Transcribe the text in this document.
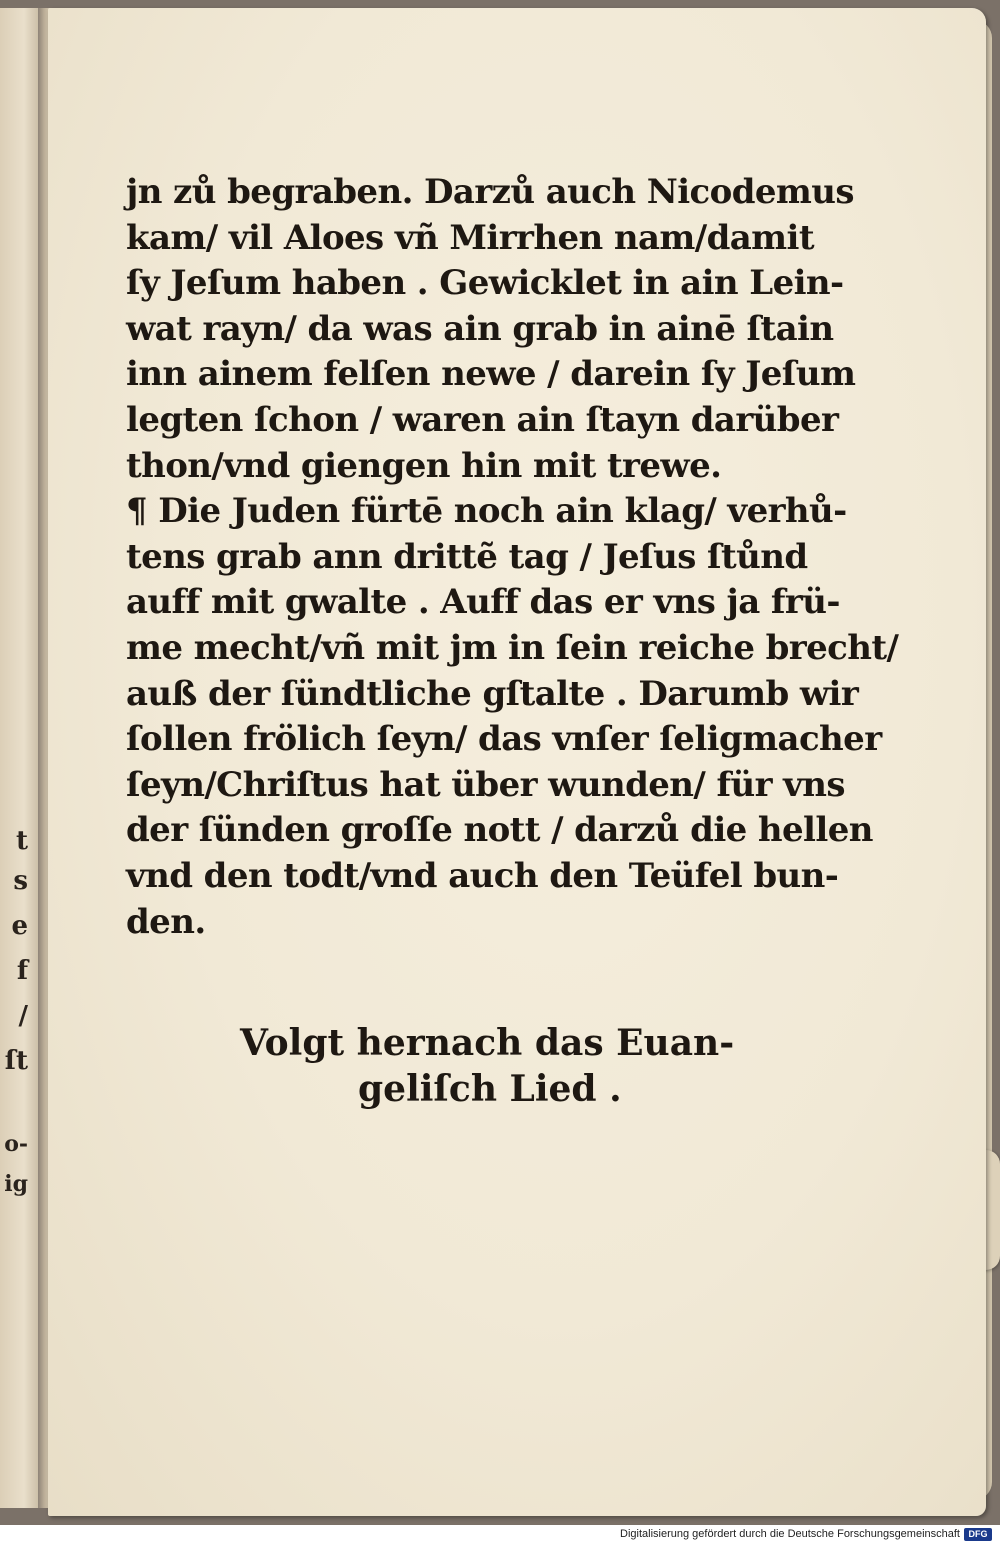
t
s
e
f
/
ſt
o-
ig

jn zů begraben. Darzů auch Nicodemus
kam/ vil Aloes vñ Mirrhen nam/damit
ſy Jeſum haben . Gewicklet in ain Lein-
wat rayn/ da was ain grab in ainē ſtain
inn ainem felſen newe / darein ſy Jeſum
legten ſchon / waren ain ſtayn darüber
thon/vnd giengen hin mit trewe.
¶ Die Juden fürtē noch ain klag/ verhů-
tens grab ann drittẽ tag / Jeſus ſtůnd
auff mit gwalte . Auff das er vns ja frü-
me mecht/vñ mit jm in ſein reiche brecht/
auß der ſündtliche gſtalte . Darumb wir
ſollen frölich ſeyn/ das vnſer ſeligmacher
ſeyn/Chriſtus hat über wunden/ für vns
der ſünden groſſe nott / darzů die hellen
vnd den todt/vnd auch den Teüfel bun-
den.
Volgt hernach das Euan-
geliſch Lied .
Digitalisierung gefördert durch die Deutsche Forschungsgemeinschaft DFG
